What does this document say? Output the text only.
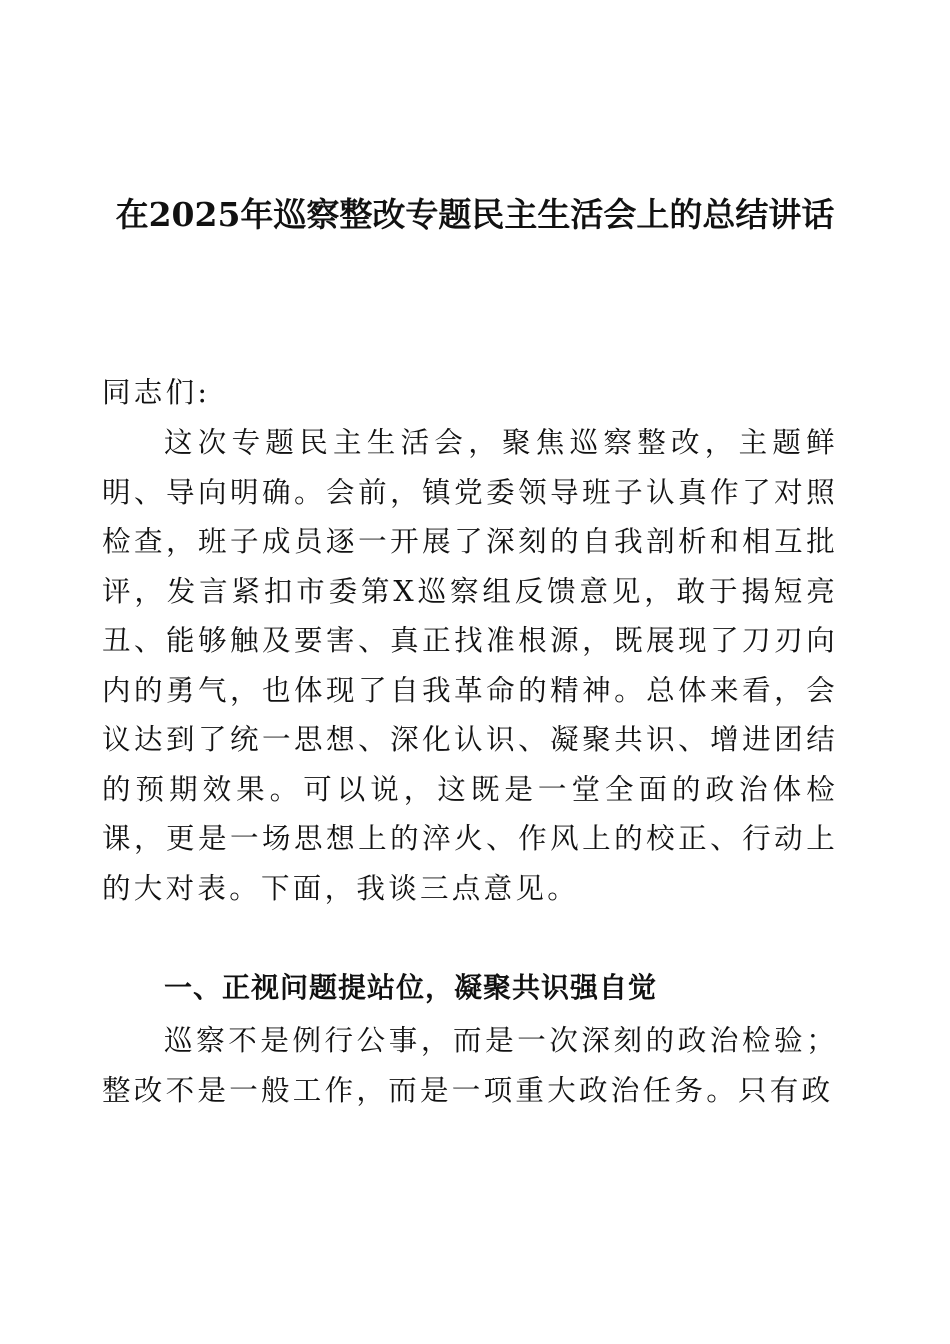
在2025年巡察整改专题民主生活会上的总结讲话

同志们:

这次专题民主生活会，聚焦巡察整改，主题鲜明、导向明确。会前，镇党委领导班子认真作了对照检查，班子成员逐一开展了深刻的自我剖析和相互批评，发言紧扣市委第X巡察组反馈意见，敢于揭短亮丑、能够触及要害、真正找准根源，既展现了刀刃向内的勇气，也体现了自我革命的精神。总体来看，会议达到了统一思想、深化认识、凝聚共识、增进团结的预期效果。可以说，这既是一堂全面的政治体检课，更是一场思想上的淬火、作风上的校正、行动上的大对表。下面，我谈三点意见。

一、正视问题提站位，凝聚共识强自觉

巡察不是例行公事，而是一次深刻的政治检验；整改不是一般工作，而是一项重大政治任务。只有政
